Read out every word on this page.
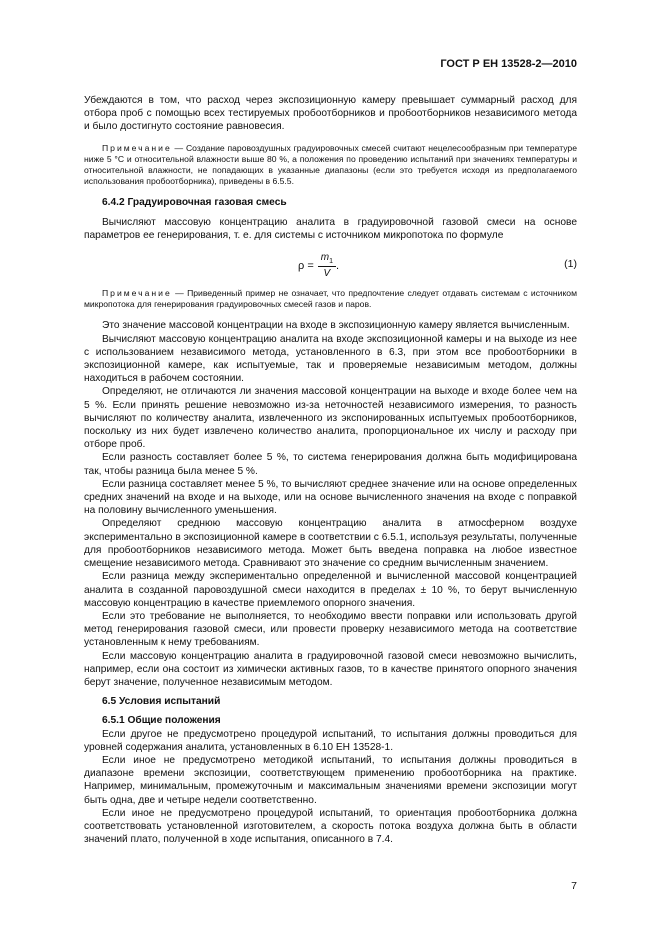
ГОСТ Р ЕН 13528-2—2010

Убеждаются в том, что расход через экспозиционную камеру превышает суммарный расход для отбора проб с помощью всех тестируемых пробоотборников и пробоотборников независимого метода и было достигнуто состояние равновесия.

Примечание — Создание паровоздушных градуировочных смесей считают нецелесообразным при температуре ниже 5 °С и относительной влажности выше 80 %, а положения по проведению испытаний при значениях температуры и относительной влажности, не попадающих в указанные диапазоны (если это требуется исходя из предполагаемого использования пробоотборника), приведены в 6.5.5.

6.4.2 Градуировочная газовая смесь

Вычисляют массовую концентрацию аналита в градуировочной газовой смеси на основе параметров ее генерирования, т. е. для системы с источником микропотока по формуле

$\rho = \frac{m_1}{V}$ .	(1)

Примечание — Приведенный пример не означает, что предпочтение следует отдавать системам с источником микропотока для генерирования градуировочных смесей газов и паров.

Это значение массовой концентрации на входе в экспозиционную камеру является вычисленным.

Вычисляют массовую концентрацию аналита на входе экспозиционной камеры и на выходе из нее с использованием независимого метода, установленного в 6.3, при этом все пробоотборники в экспозиционной камере, как испытуемые, так и проверяемые независимым методом, должны находиться в рабочем состоянии.

Определяют, не отличаются ли значения массовой концентрации на выходе и входе более чем на 5 %. Если принять решение невозможно из-за неточностей независимого измерения, то разность вычисляют по количеству аналита, извлеченного из экспонированных испытуемых пробоотборников, поскольку из них будет извлечено количество аналита, пропорциональное их числу и расходу при отборе проб.

Если разность составляет более 5 %, то система генерирования должна быть модифицирована так, чтобы разница была менее 5 %.

Если разница составляет менее 5 %, то вычисляют среднее значение или на основе определенных средних значений на входе и на выходе, или на основе вычисленного значения на входе с поправкой на половину вычисленного уменьшения.

Определяют среднюю массовую концентрацию аналита в атмосферном воздухе экспериментально в экспозиционной камере в соответствии с 6.5.1, используя результаты, полученные для пробоотборников независимого метода. Может быть введена поправка на любое известное смещение независимого метода. Сравнивают это значение со средним вычисленным значением.

Если разница между экспериментально определенной и вычисленной массовой концентрацией аналита в созданной паровоздушной смеси находится в пределах ± 10 %, то берут вычисленную массовую концентрацию в качестве приемлемого опорного значения.

Если это требование не выполняется, то необходимо ввести поправки или использовать другой метод генерирования газовой смеси, или провести проверку независимого метода на соответствие установленным к нему требованиям.

Если массовую концентрацию аналита в градуировочной газовой смеси невозможно вычислить, например, если она состоит из химически активных газов, то в качестве принятого опорного значения берут значение, полученное независимым методом.

6.5 Условия испытаний
6.5.1 Общие положения

Если другое не предусмотрено процедурой испытаний, то испытания должны проводиться для уровней содержания аналита, установленных в 6.10 ЕН 13528-1.

Если иное не предусмотрено методикой испытаний, то испытания должны проводиться в диапазоне времени экспозиции, соответствующем применению пробоотборника на практике. Например, минимальным, промежуточным и максимальным значениями времени экспозиции могут быть одна, две и четыре недели соответственно.

Если иное не предусмотрено процедурой испытаний, то ориентация пробоотборника должна соответствовать установленной изготовителем, а скорость потока воздуха должна быть в области значений плато, полученной в ходе испытания, описанного в 7.4.

7
